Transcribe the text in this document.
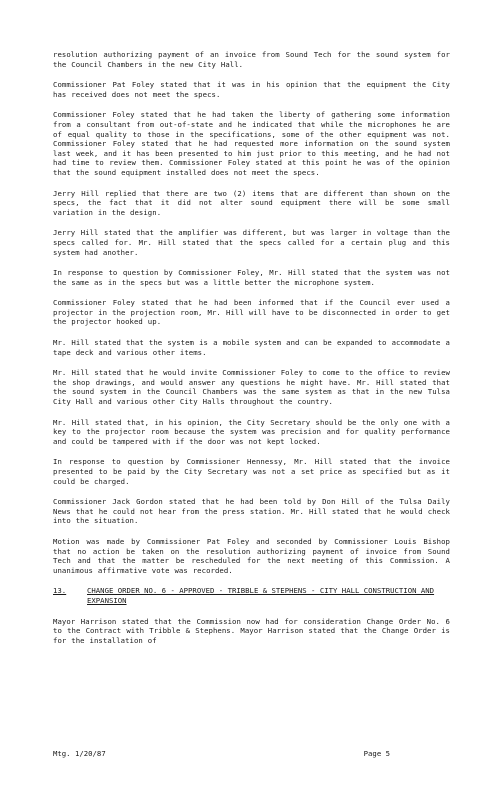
resolution authorizing payment of an invoice from Sound Tech for the sound system for the Council Chambers in the new City Hall.

Commissioner Pat Foley stated that it was in his opinion that the equipment the City has received does not meet the specs.

Commissioner Foley stated that he had taken the liberty of gathering some information from a consultant from out-of-state and he indicated that while the microphones he are of equal quality to those in the specifications, some of the other equipment was not. Commissioner Foley stated that he had requested more information on the sound system last week, and it has been presented to him just prior to this meeting, and he had not had time to review them. Commissioner Foley stated at this point he was of the opinion that the sound equipment installed does not meet the specs.

Jerry Hill replied that there are two (2) items that are different than shown on the specs, the fact that it did not alter sound equipment there will be some small variation in the design.

Jerry Hill stated that the amplifier was different, but was larger in voltage than the specs called for. Mr. Hill stated that the specs called for a certain plug and this system had another.

In response to question by Commissioner Foley, Mr. Hill stated that the system was not the same as in the specs but was a little better the microphone system.

Commissioner Foley stated that he had been informed that if the Council ever used a projector in the projection room, Mr. Hill will have to be disconnected in order to get the projector hooked up.

Mr. Hill stated that the system is a mobile system and can be expanded to accommodate a tape deck and various other items.

Mr. Hill stated that he would invite Commissioner Foley to come to the office to review the shop drawings, and would answer any questions he might have. Mr. Hill stated that the sound system in the Council Chambers was the same system as that in the new Tulsa City Hall and various other City Halls throughout the country.

Mr. Hill stated that, in his opinion, the City Secretary should be the only one with a key to the projector room because the system was precision and for quality performance and could be tampered with if the door was not kept locked.

In response to question by Commissioner Hennessy, Mr. Hill stated that the invoice presented to be paid by the City Secretary was not a set price as specified but as it could be charged.

Commissioner Jack Gordon stated that he had been told by Don Hill of the Tulsa Daily News that he could not hear from the press station. Mr. Hill stated that he would check into the situation.

Motion was made by Commissioner Pat Foley and seconded by Commissioner Louis Bishop that no action be taken on the resolution authorizing payment of invoice from Sound Tech and that the matter be rescheduled for the next meeting of this Commission. A unanimous affirmative vote was recorded.

13.	CHANGE ORDER NO. 6 - APPROVED - TRIBBLE & STEPHENS - CITY HALL CONSTRUCTION AND EXPANSION

Mayor Harrison stated that the Commission now had for consideration Change Order No. 6 to the Contract with Tribble & Stephens. Mayor Harrison stated that the Change Order is for the installation of

Mtg. 1/20/87	Page 5
